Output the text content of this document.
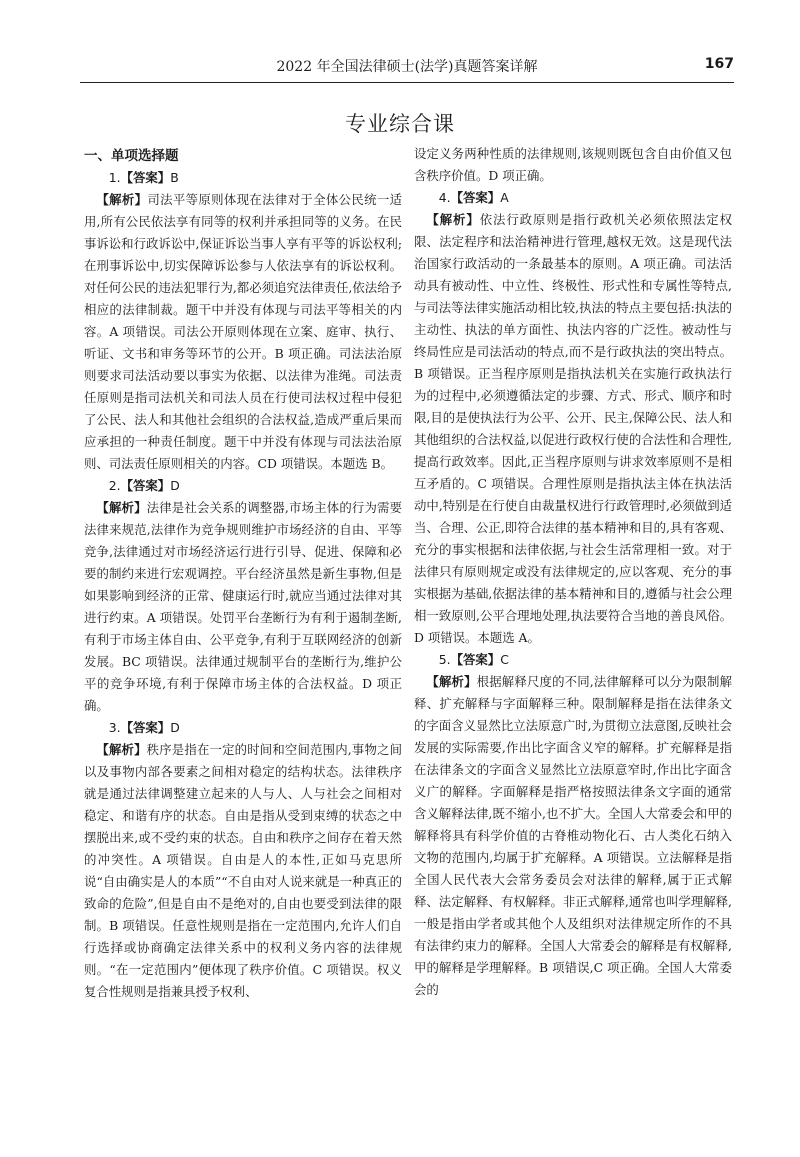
2022 年全国法律硕士(法学)真题答案详解	167
专业综合课
一、单项选择题

1.【答案】B

【解析】司法平等原则体现在法律对于全体公民统一适用,所有公民依法享有同等的权利并承担同等的义务。在民事诉讼和行政诉讼中,保证诉讼当事人享有平等的诉讼权利;在刑事诉讼中,切实保障诉讼参与人依法享有的诉讼权利。对任何公民的违法犯罪行为,都必须追究法律责任,依法给予相应的法律制裁。题干中并没有体现与司法平等相关的内容。A 项错误。司法公开原则体现在立案、庭审、执行、听证、文书和审务等环节的公开。B 项正确。司法法治原则要求司法活动要以事实为依据、以法律为准绳。司法责任原则是指司法机关和司法人员在行使司法权过程中侵犯了公民、法人和其他社会组织的合法权益,造成严重后果而应承担的一种责任制度。题干中并没有体现与司法法治原则、司法责任原则相关的内容。CD 项错误。本题选 B。

2.【答案】D

【解析】法律是社会关系的调整器,市场主体的行为需要法律来规范,法律作为竞争规则维护市场经济的自由、平等竞争,法律通过对市场经济运行进行引导、促进、保障和必要的制约来进行宏观调控。平台经济虽然是新生事物,但是如果影响到经济的正常、健康运行时,就应当通过法律对其进行约束。A 项错误。处罚平台垄断行为有利于遏制垄断,有利于市场主体自由、公平竞争,有利于互联网经济的创新发展。BC 项错误。法律通过规制平台的垄断行为,维护公平的竞争环境,有利于保障市场主体的合法权益。D 项正确。

3.【答案】D

【解析】秩序是指在一定的时间和空间范围内,事物之间以及事物内部各要素之间相对稳定的结构状态。法律秩序就是通过法律调整建立起来的人与人、人与社会之间相对稳定、和谐有序的状态。自由是指从受到束缚的状态之中摆脱出来,或不受约束的状态。自由和秩序之间存在着天然的冲突性。A 项错误。自由是人的本性,正如马克思所说“自由确实是人的本质”“不自由对人说来就是一种真正的致命的危险”,但是自由不是绝对的,自由也要受到法律的限制。B 项错误。任意性规则是指在一定范围内,允许人们自行选择或协商确定法律关系中的权利义务内容的法律规则。“在一定范围内”便体现了秩序价值。C 项错误。权义复合性规则是指兼具授予权利、

设定义务两种性质的法律规则,该规则既包含自由价值又包含秩序价值。D 项正确。

4.【答案】A

【解析】依法行政原则是指行政机关必须依照法定权限、法定程序和法治精神进行管理,越权无效。这是现代法治国家行政活动的一条最基本的原则。A 项正确。司法活动具有被动性、中立性、终极性、形式性和专属性等特点,与司法等法律实施活动相比较,执法的特点主要包括:执法的主动性、执法的单方面性、执法内容的广泛性。被动性与终局性应是司法活动的特点,而不是行政执法的突出特点。B 项错误。正当程序原则是指执法机关在实施行政执法行为的过程中,必须遵循法定的步骤、方式、形式、顺序和时限,目的是使执法行为公平、公开、民主,保障公民、法人和其他组织的合法权益,以促进行政权行使的合法性和合理性,提高行政效率。因此,正当程序原则与讲求效率原则不是相互矛盾的。C 项错误。合理性原则是指执法主体在执法活动中,特别是在行使自由裁量权进行行政管理时,必须做到适当、合理、公正,即符合法律的基本精神和目的,具有客观、充分的事实根据和法律依据,与社会生活常理相一致。对于法律只有原则规定或没有法律规定的,应以客观、充分的事实根据为基础,依据法律的基本精神和目的,遵循与社会公理相一致原则,公平合理地处理,执法要符合当地的善良风俗。D 项错误。本题选 A。

5.【答案】C

【解析】根据解释尺度的不同,法律解释可以分为限制解释、扩充解释与字面解释三种。限制解释是指在法律条文的字面含义显然比立法原意广时,为贯彻立法意图,反映社会发展的实际需要,作出比字面含义窄的解释。扩充解释是指在法律条文的字面含义显然比立法原意窄时,作出比字面含义广的解释。字面解释是指严格按照法律条文字面的通常含义解释法律,既不缩小,也不扩大。全国人大常委会和甲的解释将具有科学价值的古脊椎动物化石、古人类化石纳入文物的范围内,均属于扩充解释。A 项错误。立法解释是指全国人民代表大会常务委员会对法律的解释,属于正式解释、法定解释、有权解释。非正式解释,通常也叫学理解释,一般是指由学者或其他个人及组织对法律规定所作的不具有法律约束力的解释。全国人大常委会的解释是有权解释,甲的解释是学理解释。B 项错误,C 项正确。全国人大常委会的
